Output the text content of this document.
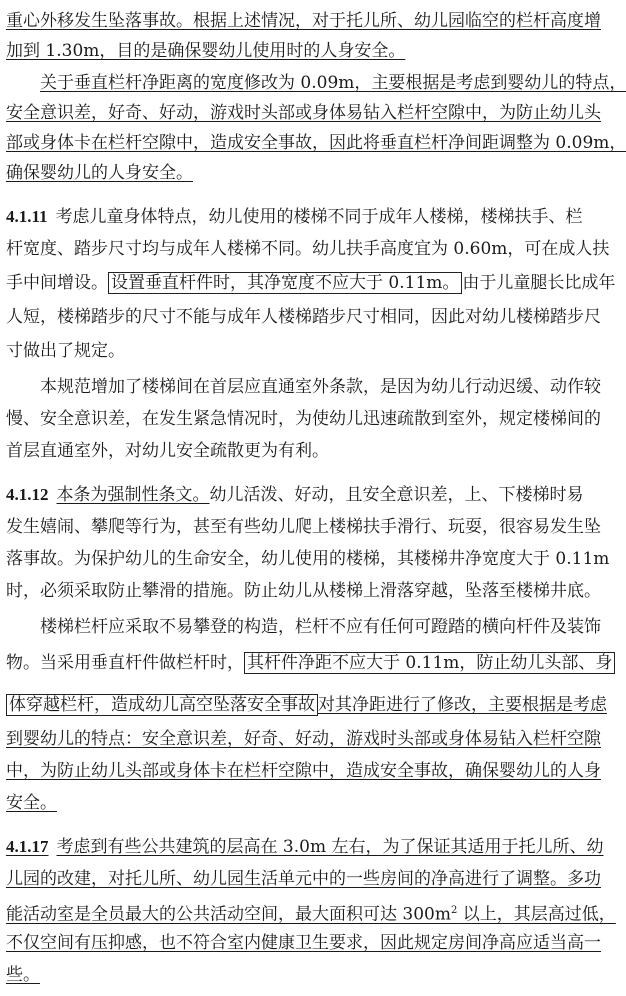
重心外移发生坠落事故。根据上述情况，对于托儿所、幼儿园临空的栏杆高度增
加到 1.30m，目的是确保婴幼儿使用时的人身安全。
关于垂直栏杆净距离的宽度修改为 0.09m，主要根据是考虑到婴幼儿的特点，
安全意识差，好奇、好动，游戏时头部或身体易钻入栏杆空隙中，为防止幼儿头
部或身体卡在栏杆空隙中，造成安全事故，因此将垂直栏杆净间距调整为 0.09m，
确保婴幼儿的人身安全。
4.1.11 考虑儿童身体特点，幼儿使用的楼梯不同于成年人楼梯，楼梯扶手、栏
杆宽度、踏步尺寸均与成年人楼梯不同。幼儿扶手高度宜为 0.60m，可在成人扶
手中间增设。 设置垂直杆件时，其净宽度不应大于 0.11m。 由于儿童腿长比成年
人短，楼梯踏步的尺寸不能与成年人楼梯踏步尺寸相同，因此对幼儿楼梯踏步尺
寸做出了规定。
本规范增加了楼梯间在首层应直通室外条款，是因为幼儿行动迟缓、动作较
慢、安全意识差，在发生紧急情况时，为使幼儿迅速疏散到室外，规定楼梯间的
首层直通室外，对幼儿安全疏散更为有利。
4.1.12 本条为强制性条文。幼儿活泼、好动，且安全意识差，上、下楼梯时易
发生嬉闹、攀爬等行为，甚至有些幼儿爬上楼梯扶手滑行、玩耍，很容易发生坠
落事故。为保护幼儿的生命安全，幼儿使用的楼梯，其楼梯井净宽度大于 0.11m
时，必须采取防止攀滑的措施。防止幼儿从楼梯上滑落穿越，坠落至楼梯井底。
楼梯栏杆应采取不易攀登的构造，栏杆不应有任何可蹬踏的横向杆件及装饰
物。当采用垂直杆件做栏杆时， 其杆件净距不应大于 0.11m，防止幼儿头部、身
体穿越栏杆，造成幼儿高空坠落安全事故 对其净距进行了修改，主要根据是考虑
到婴幼儿的特点：安全意识差，好奇、好动，游戏时头部或身体易钻入栏杆空隙
中，为防止幼儿头部或身体卡在栏杆空隙中，造成安全事故，确保婴幼儿的人身
安全。
4.1.17 考虑到有些公共建筑的层高在 3.0m 左右，为了保证其适用于托儿所、幼
儿园的改建，对托儿所、幼儿园生活单元中的一些房间的净高进行了调整。多功
能活动室是全员最大的公共活动空间，最大面积可达 $300m^2$ 以上，其层高过低，
不仅空间有压抑感，也不符合室内健康卫生要求，因此规定房间净高应适当高一
些。
